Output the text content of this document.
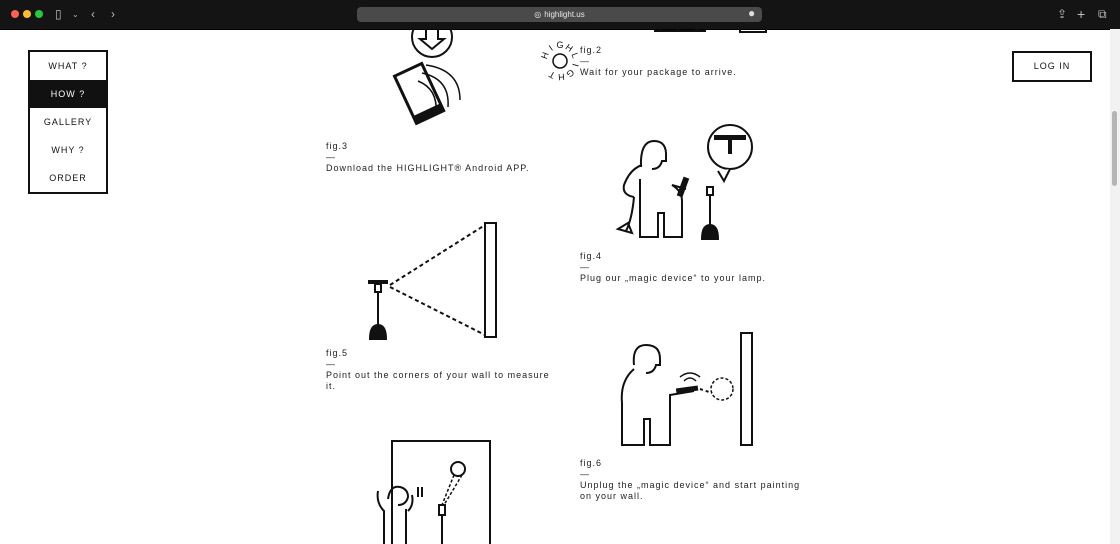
▯ ⌄ ‹ ›	◎ highlight.us	●	⇪ + ⧉
H
I G H
L
I
G
H
T
fig.2
—
Wait for your package to arrive.
fig.3
—
Download the HIGHLIGHT® Android APP.
fig.4
—
Plug our „magic device“ to your lamp.
fig.5
—
Point out the corners of your wall to measure it.
fig.6
—
Unplug the „magic device“ and start painting on your wall.
WHAT ?
HOW ?
GALLERY
WHY ?
ORDER
LOG IN
